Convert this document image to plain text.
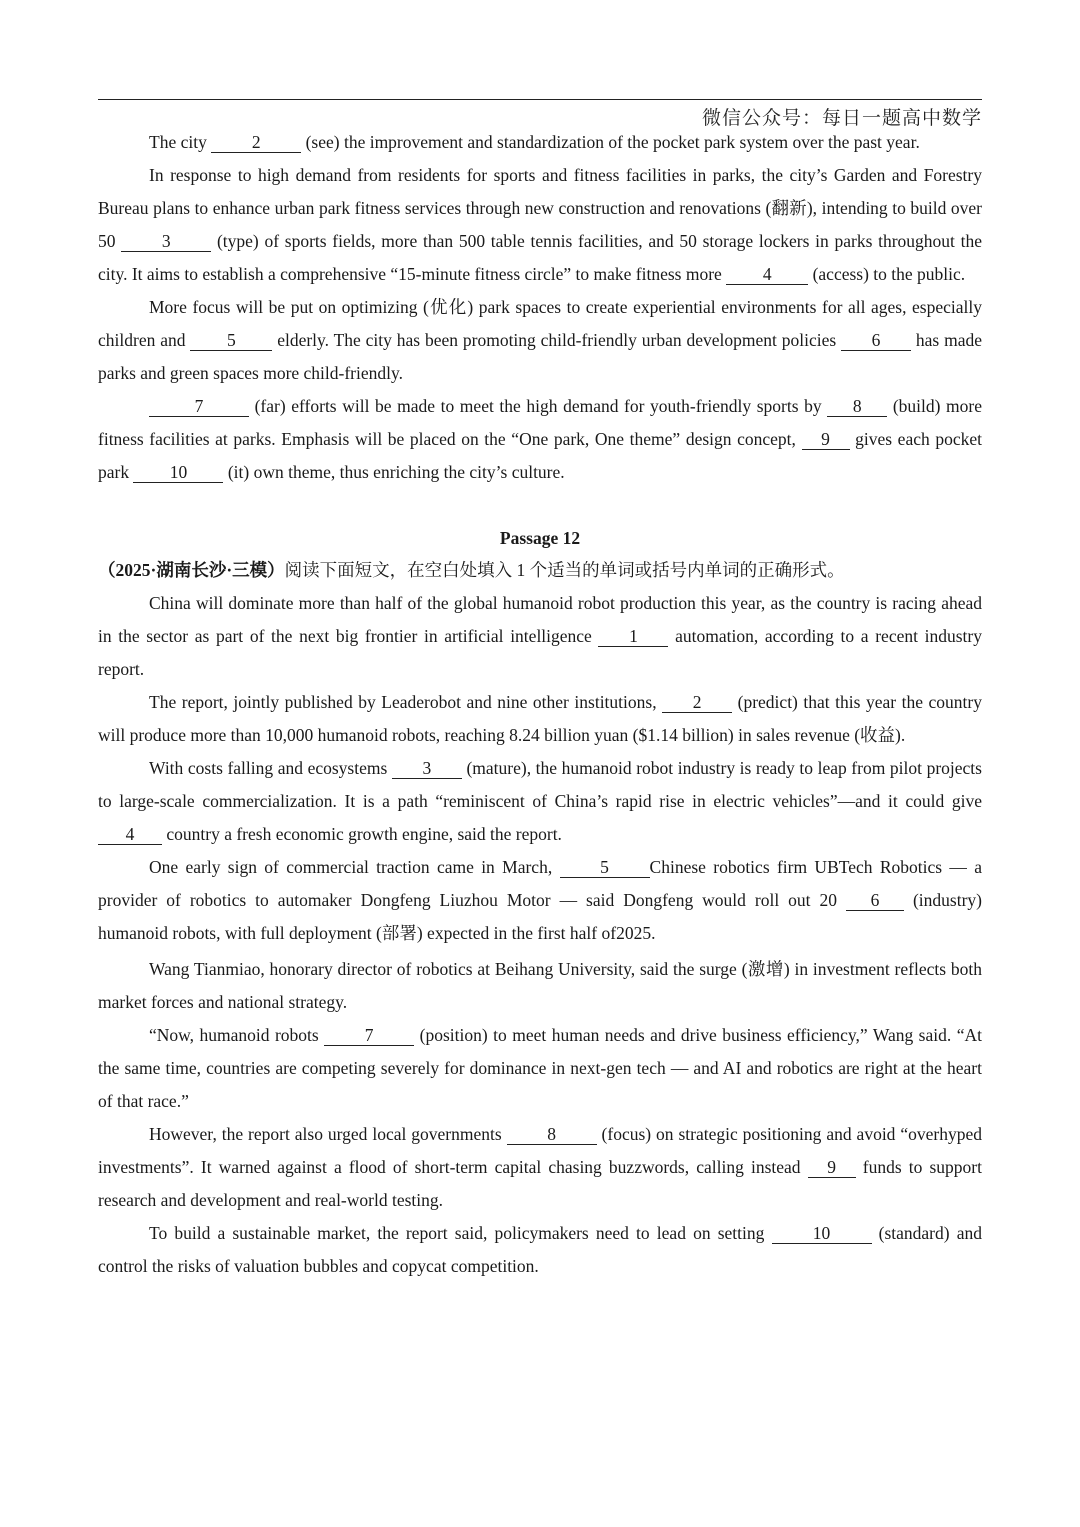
微信公众号：每日一题高中数学

The city 2 (see) the improvement and standardization of the pocket park system over the past year.

In response to high demand from residents for sports and fitness facilities in parks, the city’s Garden and Forestry Bureau plans to enhance urban park fitness services through new construction and renovations (翻新), intending to build over 50 3 (type) of sports fields, more than 500 table tennis facilities, and 50 storage lockers in parks throughout the city. It aims to establish a comprehensive “15-minute fitness circle” to make fitness more 4 (access) to the public.

More focus will be put on optimizing (优化) park spaces to create experiential environments for all ages, especially children and 5 elderly. The city has been promoting child-friendly urban development policies 6 has made parks and green spaces more child-friendly.

7	(far) efforts will be made to meet the high demand for youth-friendly sports by 8 (build) more fitness facilities at parks. Emphasis will be placed on the “One park, One theme” design concept, 9 gives each pocket park 10 (it) own theme, thus enriching the city’s culture.

Passage 12

（2025·湖南长沙·三模）阅读下面短文，在空白处填入 1 个适当的单词或括号内单词的正确形式。

China will dominate more than half of the global humanoid robot production this year, as the country is racing ahead in the sector as part of the next big frontier in artificial intelligence 1 automation, according to a recent industry report.

The report, jointly published by Leaderobot and nine other institutions, 2 (predict) that this year the country will produce more than 10,000 humanoid robots, reaching 8.24 billion yuan ($1.14 billion) in sales revenue (收益).

With costs falling and ecosystems 3 (mature), the humanoid robot industry is ready to leap from pilot projects to large-scale commercialization. It is a path “reminiscent of China’s rapid rise in electric vehicles”—and it could give 4 country a fresh economic growth engine, said the report.

One early sign of commercial traction came in March, 5 Chinese robotics firm UBTech Robotics — a provider of robotics to automaker Dongfeng Liuzhou Motor — said Dongfeng would roll out 20 6 (industry) humanoid robots, with full deployment (部署) expected in the first half of2025.

Wang Tianmiao, honorary director of robotics at Beihang University, said the surge (激增) in investment reflects both market forces and national strategy.

“Now, humanoid robots 7 (position) to meet human needs and drive business efficiency,” Wang said. “At the same time, countries are competing severely for dominance in next-gen tech — and AI and robotics are right at the heart of that race.”

However, the report also urged local governments 8 (focus) on strategic positioning and avoid “overhyped investments”. It warned against a flood of short-term capital chasing buzzwords, calling instead 9 funds to support research and development and real-world testing.

To build a sustainable market, the report said, policymakers need to lead on setting 10 (standard) and control the risks of valuation bubbles and copycat competition.
